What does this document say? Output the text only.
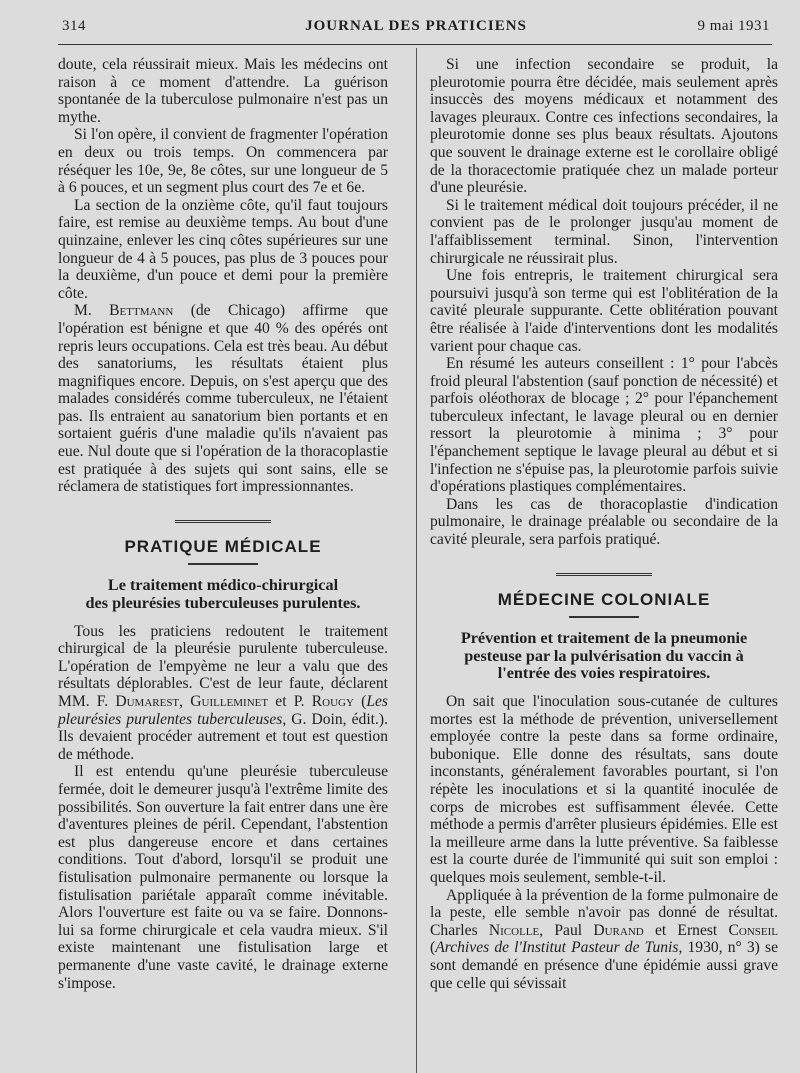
314	JOURNAL DES PRATICIENS	9 mai 1931

doute, cela réussirait mieux. Mais les médecins ont raison à ce moment d'attendre. La guérison spontanée de la tuberculose pulmonaire n'est pas un mythe.

Si l'on opère, il convient de fragmenter l'opération en deux ou trois temps. On commencera par réséquer les 10e, 9e, 8e côtes, sur une longueur de 5 à 6 pouces, et un segment plus court des 7e et 6e.

La section de la onzième côte, qu'il faut toujours faire, est remise au deuxième temps. Au bout d'une quinzaine, enlever les cinq côtes supérieures sur une longueur de 4 à 5 pouces, pas plus de 3 pouces pour la deuxième, d'un pouce et demi pour la première côte.

M. Bettmann (de Chicago) affirme que l'opération est bénigne et que 40 % des opérés ont repris leurs occupations. Cela est très beau. Au début des sanatoriums, les résultats étaient plus magnifiques encore. Depuis, on s'est aperçu que des malades considérés comme tuberculeux, ne l'étaient pas. Ils entraient au sanatorium bien portants et en sortaient guéris d'une maladie qu'ils n'avaient pas eue. Nul doute que si l'opération de la thoracoplastie est pratiquée à des sujets qui sont sains, elle se réclamera de statistiques fort impressionnantes.

PRATIQUE MÉDICALE
Le traitement médico-chirurgical
des pleurésies tuberculeuses purulentes.

Tous les praticiens redoutent le traitement chirurgical de la pleurésie purulente tuberculeuse. L'opération de l'empyème ne leur a valu que des résultats déplorables. C'est de leur faute, déclarent MM. F. Dumarest, Guilleminet et P. Rougy (Les pleurésies purulentes tuberculeuses, G. Doin, édit.). Ils devaient procéder autrement et tout est question de méthode.

Il est entendu qu'une pleurésie tuberculeuse fermée, doit le demeurer jusqu'à l'extrême limite des possibilités. Son ouverture la fait entrer dans une ère d'aventures pleines de péril. Cependant, l'abstention est plus dangereuse encore et dans certaines conditions. Tout d'abord, lorsqu'il se produit une fistulisation pulmonaire permanente ou lorsque la fistulisation pariétale apparaît comme inévitable. Alors l'ouverture est faite ou va se faire. Donnons-lui sa forme chirurgicale et cela vaudra mieux. S'il existe maintenant une fistulisation large et permanente d'une vaste cavité, le drainage externe s'impose.

Si une infection secondaire se produit, la pleurotomie pourra être décidée, mais seulement après insuccès des moyens médicaux et notamment des lavages pleuraux. Contre ces infections secondaires, la pleurotomie donne ses plus beaux résultats. Ajoutons que souvent le drainage externe est le corollaire obligé de la thoracectomie pratiquée chez un malade porteur d'une pleurésie.

Si le traitement médical doit toujours précéder, il ne convient pas de le prolonger jusqu'au moment de l'affaiblissement terminal. Sinon, l'intervention chirurgicale ne réussirait plus.

Une fois entrepris, le traitement chirurgical sera poursuivi jusqu'à son terme qui est l'oblitération de la cavité pleurale suppurante. Cette oblitération pouvant être réalisée à l'aide d'interventions dont les modalités varient pour chaque cas.

En résumé les auteurs conseillent : 1° pour l'abcès froid pleural l'abstention (sauf ponction de nécessité) et parfois oléothorax de blocage ; 2° pour l'épanchement tuberculeux infectant, le lavage pleural ou en dernier ressort la pleurotomie à minima ; 3° pour l'épanchement septique le lavage pleural au début et si l'infection ne s'épuise pas, la pleurotomie parfois suivie d'opérations plastiques complémentaires.

Dans les cas de thoracoplastie d'indication pulmonaire, le drainage préalable ou secondaire de la cavité pleurale, sera parfois pratiqué.

MÉDECINE COLONIALE
Prévention et traitement de la pneumonie
pesteuse par la pulvérisation du vaccin à
l'entrée des voies respiratoires.

On sait que l'inoculation sous-cutanée de cultures mortes est la méthode de prévention, universellement employée contre la peste dans sa forme ordinaire, bubonique. Elle donne des résultats, sans doute inconstants, généralement favorables pourtant, si l'on répète les inoculations et si la quantité inoculée de corps de microbes est suffisamment élevée. Cette méthode a permis d'arrêter plusieurs épidémies. Elle est la meilleure arme dans la lutte préventive. Sa faiblesse est la courte durée de l'immunité qui suit son emploi : quelques mois seulement, semble-t-il.

Appliquée à la prévention de la forme pulmonaire de la peste, elle semble n'avoir pas donné de résultat. Charles Nicolle, Paul Durand et Ernest Conseil (Archives de l'Institut Pasteur de Tunis, 1930, n° 3) se sont demandé en présence d'une épidémie aussi grave que celle qui sévissait
